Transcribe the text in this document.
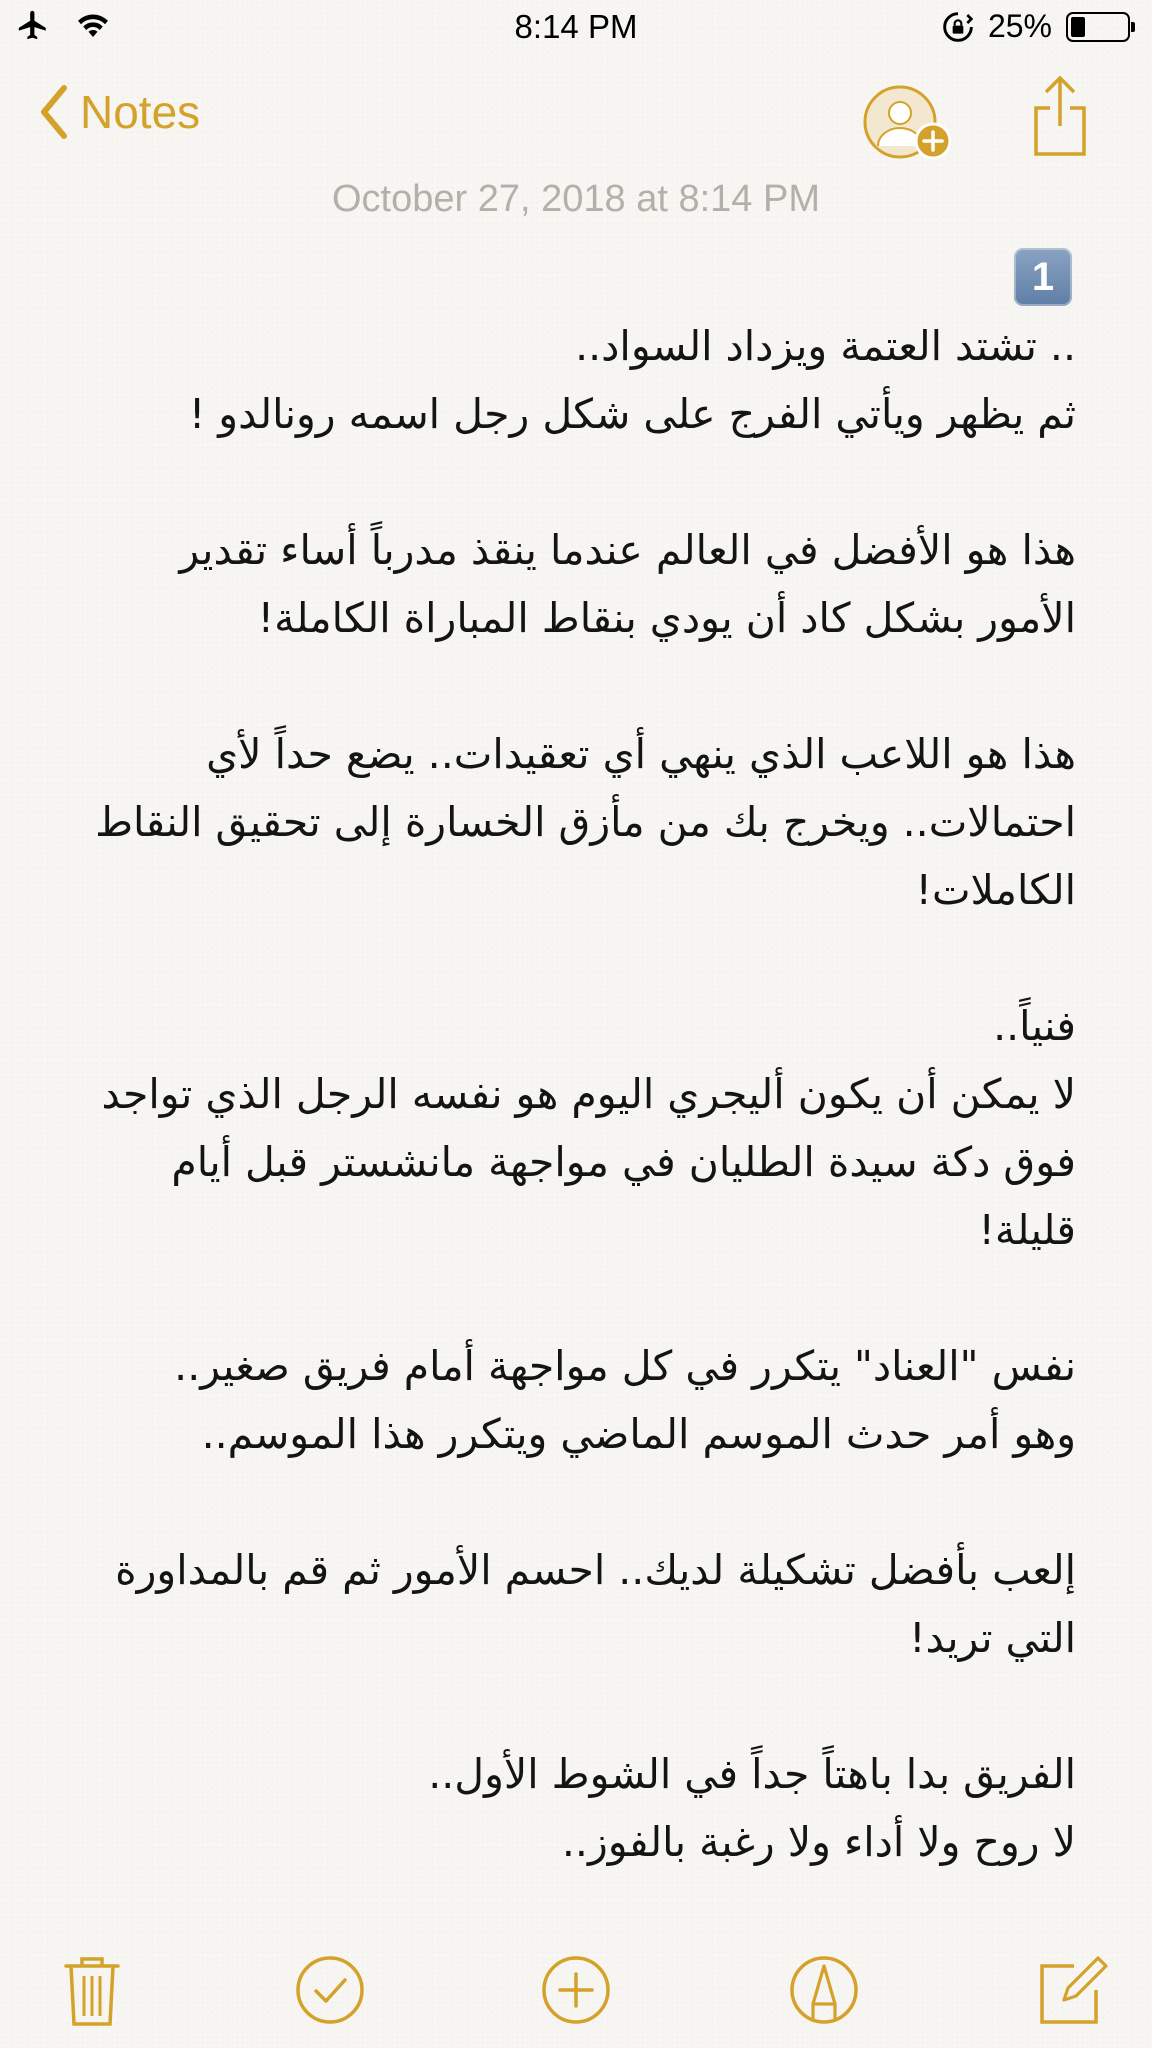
8:14 PM	25%
Notes
October 27, 2018 at 8:14 PM
1

.. تشتد العتمة ويزداد السواد..

ثم يظهر ويأتي الفرج على شكل رجل اسمه رونالدو !

هذا هو الأفضل في العالم عندما ينقذ مدرباً أساء تقدير الأمور بشكل كاد أن يودي بنقاط المباراة الكاملة!

هذا هو اللاعب الذي ينهي أي تعقيدات.. يضع حداً لأي احتمالات.. ويخرج بك من مأزق الخسارة إلى تحقيق النقاط الكاملات!

فنياً..

لا يمكن أن يكون أليجري اليوم هو نفسه الرجل الذي تواجد فوق دكة سيدة الطليان في مواجهة مانشستر قبل أيام قليلة!

نفس "العناد" يتكرر في كل مواجهة أمام فريق صغير..

وهو أمر حدث الموسم الماضي ويتكرر هذا الموسم..

إلعب بأفضل تشكيلة لديك.. احسم الأمور ثم قم بالمداورة التي تريد!

الفريق بدا باهتاً جداً في الشوط الأول..

لا روح ولا أداء ولا رغبة بالفوز..
